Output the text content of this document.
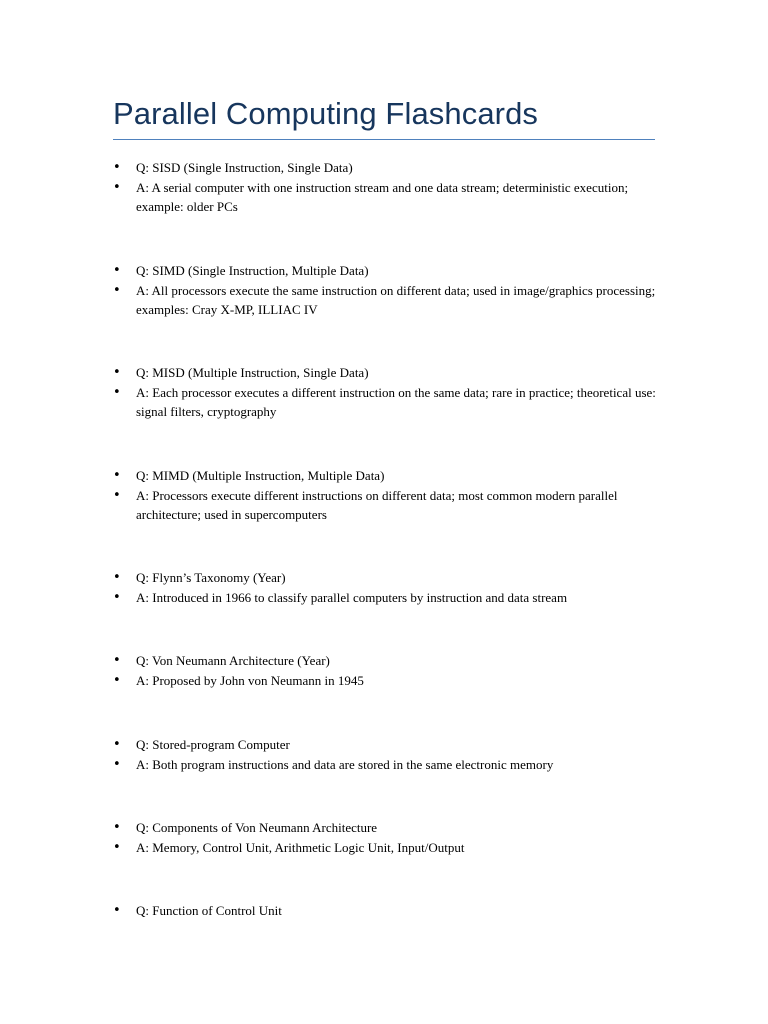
Parallel Computing Flashcards
• Q: SISD (Single Instruction, Single Data)
• A: A serial computer with one instruction stream and one data stream; deterministic execution; example: older PCs
• Q: SIMD (Single Instruction, Multiple Data)
• A: All processors execute the same instruction on different data; used in image/graphics processing; examples: Cray X-MP, ILLIAC IV
• Q: MISD (Multiple Instruction, Single Data)
• A: Each processor executes a different instruction on the same data; rare in practice; theoretical use: signal filters, cryptography
• Q: MIMD (Multiple Instruction, Multiple Data)
• A: Processors execute different instructions on different data; most common modern parallel architecture; used in supercomputers
• Q: Flynn’s Taxonomy (Year)
• A: Introduced in 1966 to classify parallel computers by instruction and data stream
• Q: Von Neumann Architecture (Year)
• A: Proposed by John von Neumann in 1945
• Q: Stored-program Computer
• A: Both program instructions and data are stored in the same electronic memory
• Q: Components of Von Neumann Architecture
• A: Memory, Control Unit, Arithmetic Logic Unit, Input/Output
• Q: Function of Control Unit
